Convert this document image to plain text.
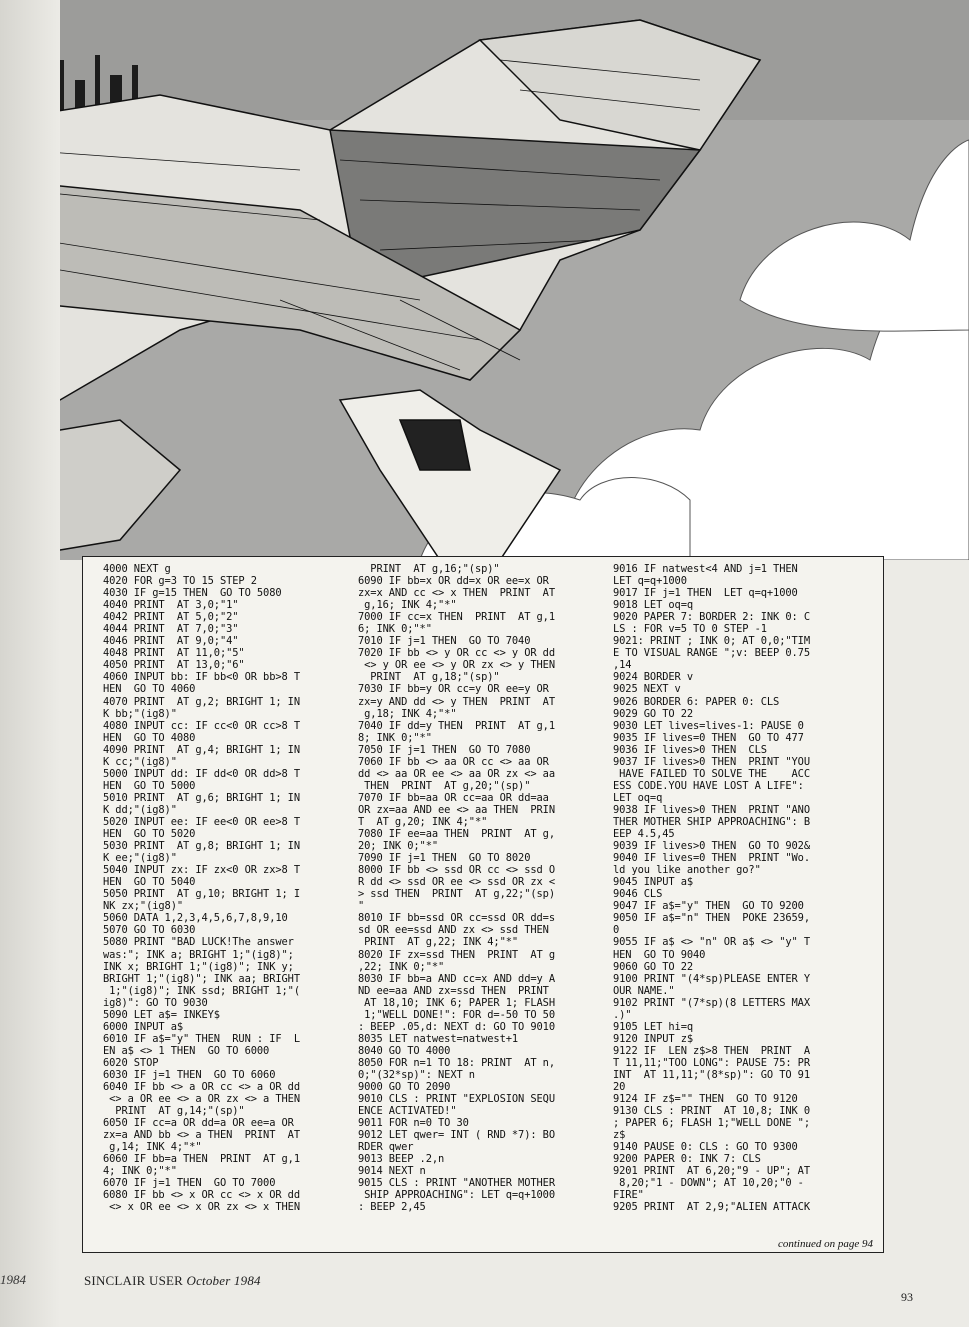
4000 NEXT g
4020 FOR g=3 TO 15 STEP 2
4030 IF g=15 THEN  GO TO 5080
4040 PRINT  AT 3,0;"1"
4042 PRINT  AT 5,0;"2"
4044 PRINT  AT 7,0;"3"
4046 PRINT  AT 9,0;"4"
4048 PRINT  AT 11,0;"5"
4050 PRINT  AT 13,0;"6"
4060 INPUT bb: IF bb<0 OR bb>8 T
HEN  GO TO 4060
4070 PRINT  AT g,2; BRIGHT 1; IN
K bb;"(ig8)"
4080 INPUT cc: IF cc<0 OR cc>8 T
HEN  GO TO 4080
4090 PRINT  AT g,4; BRIGHT 1; IN
K cc;"(ig8)"
5000 INPUT dd: IF dd<0 OR dd>8 T
HEN  GO TO 5000
5010 PRINT  AT g,6; BRIGHT 1; IN
K dd;"(ig8)"
5020 INPUT ee: IF ee<0 OR ee>8 T
HEN  GO TO 5020
5030 PRINT  AT g,8; BRIGHT 1; IN
K ee;"(ig8)"
5040 INPUT zx: IF zx<0 OR zx>8 T
HEN  GO TO 5040
5050 PRINT  AT g,10; BRIGHT 1; I
NK zx;"(ig8)"
5060 DATA 1,2,3,4,5,6,7,8,9,10
5070 GO TO 6030
5080 PRINT "BAD LUCK!The answer
was:"; INK a; BRIGHT 1;"(ig8)";
INK x; BRIGHT 1;"(ig8)"; INK y;
BRIGHT 1;"(ig8)"; INK aa; BRIGHT
1;"(ig8)"; INK ssd; BRIGHT 1;"(
ig8)": GO TO 9030
5090 LET a$= INKEY$
6000 INPUT a$
6010 IF a$="y" THEN  RUN : IF  L
EN a$ <> 1 THEN  GO TO 6000
6020 STOP
6030 IF j=1 THEN  GO TO 6060
6040 IF bb <> a OR cc <> a OR dd
<> a OR ee <> a OR zx <> a THEN
PRINT  AT g,14;"(sp)"
6050 IF cc=a OR dd=a OR ee=a OR
zx=a AND bb <> a THEN  PRINT  AT
g,14; INK 4;"*"
6060 IF bb=a THEN  PRINT  AT g,1
4; INK 0;"*"
6070 IF j=1 THEN  GO TO 7000
6080 IF bb <> x OR cc <> x OR dd
<> x OR ee <> x OR zx <> x THEN
PRINT  AT g,16;"(sp)"
6090 IF bb=x OR dd=x OR ee=x OR
zx=x AND cc <> x THEN  PRINT  AT
g,16; INK 4;"*"
7000 IF cc=x THEN  PRINT  AT g,1
6; INK 0;"*"
7010 IF j=1 THEN  GO TO 7040
7020 IF bb <> y OR cc <> y OR dd
<> y OR ee <> y OR zx <> y THEN
PRINT  AT g,18;"(sp)"
7030 IF bb=y OR cc=y OR ee=y OR
zx=y AND dd <> y THEN  PRINT  AT
g,18; INK 4;"*"
7040 IF dd=y THEN  PRINT  AT g,1
8; INK 0;"*"
7050 IF j=1 THEN  GO TO 7080
7060 IF bb <> aa OR cc <> aa OR
dd <> aa OR ee <> aa OR zx <> aa
THEN  PRINT  AT g,20;"(sp)"
7070 IF bb=aa OR cc=aa OR dd=aa
OR zx=aa AND ee <> aa THEN  PRIN
T  AT g,20; INK 4;"*"
7080 IF ee=aa THEN  PRINT  AT g,
20; INK 0;"*"
7090 IF j=1 THEN  GO TO 8020
8000 IF bb <> ssd OR cc <> ssd O
R dd <> ssd OR ee <> ssd OR zx <
> ssd THEN  PRINT  AT g,22;"(sp)
"
8010 IF bb=ssd OR cc=ssd OR dd=s
sd OR ee=ssd AND zx <> ssd THEN
PRINT  AT g,22; INK 4;"*"
8020 IF zx=ssd THEN  PRINT  AT g
,22; INK 0;"*"
8030 IF bb=a AND cc=x AND dd=y A
ND ee=aa AND zx=ssd THEN  PRINT
AT 18,10; INK 6; PAPER 1; FLASH
1;"WELL DONE!": FOR d=-50 TO 50
: BEEP .05,d: NEXT d: GO TO 9010
8035 LET natwest=natwest+1
8040 GO TO 4000
8050 FOR n=1 TO 18: PRINT  AT n,
0;"(32*sp)": NEXT n
9000 GO TO 2090
9010 CLS : PRINT "EXPLOSION SEQU
ENCE ACTIVATED!"
9011 FOR n=0 TO 30
9012 LET qwer= INT ( RND *7): BO
RDER qwer
9013 BEEP .2,n
9014 NEXT n
9015 CLS : PRINT "ANOTHER MOTHER
SHIP APPROACHING": LET q=q+1000
: BEEP 2,45
9016 IF natwest<4 AND j=1 THEN
LET q=q+1000
9017 IF j=1 THEN  LET q=q+1000
9018 LET oq=q
9020 PAPER 7: BORDER 2: INK 0: C
LS : FOR v=5 TO 0 STEP -1
9021: PRINT ; INK 0; AT 0,0;"TIM
E TO VISUAL RANGE ";v: BEEP 0.75
,14
9024 BORDER v
9025 NEXT v
9026 BORDER 6: PAPER 0: CLS
9029 GO TO 22
9030 LET lives=lives-1: PAUSE 0
9035 IF lives=0 THEN  GO TO 477
9036 IF lives>0 THEN  CLS
9037 IF lives>0 THEN  PRINT "YOU
HAVE FAILED TO SOLVE THE    ACC
ESS CODE.YOU HAVE LOST A LIFE":
LET oq=q
9038 IF lives>0 THEN  PRINT "ANO
THER MOTHER SHIP APPROACHING": B
EEP 4.5,45
9039 IF lives>0 THEN  GO TO 902&
9040 IF lives=0 THEN  PRINT "Wo.
ld you like another go?"
9045 INPUT a$
9046 CLS
9047 IF a$="y" THEN  GO TO 9200
9050 IF a$="n" THEN  POKE 23659,
0
9055 IF a$ <> "n" OR a$ <> "y" T
HEN  GO TO 9040
9060 GO TO 22
9100 PRINT "(4*sp)PLEASE ENTER Y
OUR NAME."
9102 PRINT "(7*sp)(8 LETTERS MAX
.)"
9105 LET hi=q
9120 INPUT z$
9122 IF  LEN z$>8 THEN  PRINT  A
T 11,11;"TOO LONG": PAUSE 75: PR
INT  AT 11,11;"(8*sp)": GO TO 91
20
9124 IF z$="" THEN  GO TO 9120
9130 CLS : PRINT  AT 10,8; INK 0
; PAPER 6; FLASH 1;"WELL DONE ";
z$
9140 PAUSE 0: CLS : GO TO 9300
9200 PAPER 0: INK 7: CLS
9201 PRINT  AT 6,20;"9 - UP"; AT
8,20;"1 - DOWN"; AT 10,20;"0 -
FIRE"
9205 PRINT  AT 2,9;"ALIEN ATTACK
continued on page 94
1984	SINCLAIR USER October 1984
93
